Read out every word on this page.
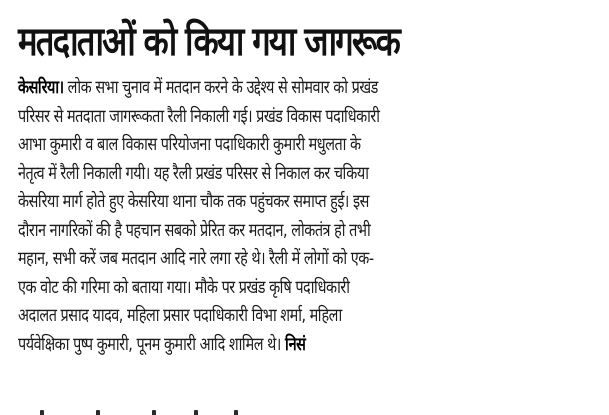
मतदाताओं को किया गया जागरूक
केसरिया। लोक सभा चुनाव में मतदान करने के उद्देश्य से सोमवार को प्रखंड
परिसर से मतदाता जागरूकता रैली निकाली गई। प्रखंड विकास पदाधिकारी
आभा कुमारी व बाल विकास परियोजना पदाधिकारी कुमारी मधुलता के
नेतृत्व में रैली निकाली गयी। यह रैली प्रखंड परिसर से निकाल कर चकिया
केसरिया मार्ग होते हुए केसरिया थाना चौक तक पहुंचकर समाप्त हुई। इस
दौरान नागरिकों की है पहचान सबको प्रेरित कर मतदान, लोकतंत्र हो तभी
महान, सभी करें जब मतदान आदि नारे लगा रहे थे। रैली में लोगों को एक-
एक वोट की गरिमा को बताया गया। मौके पर प्रखंड कृषि पदाधिकारी
अदालत प्रसाद यादव, महिला प्रसार पदाधिकारी विभा शर्मा, महिला
पर्यवेक्षिका पुष्प कुमारी, पूनम कुमारी आदि शामिल थे। निसं
